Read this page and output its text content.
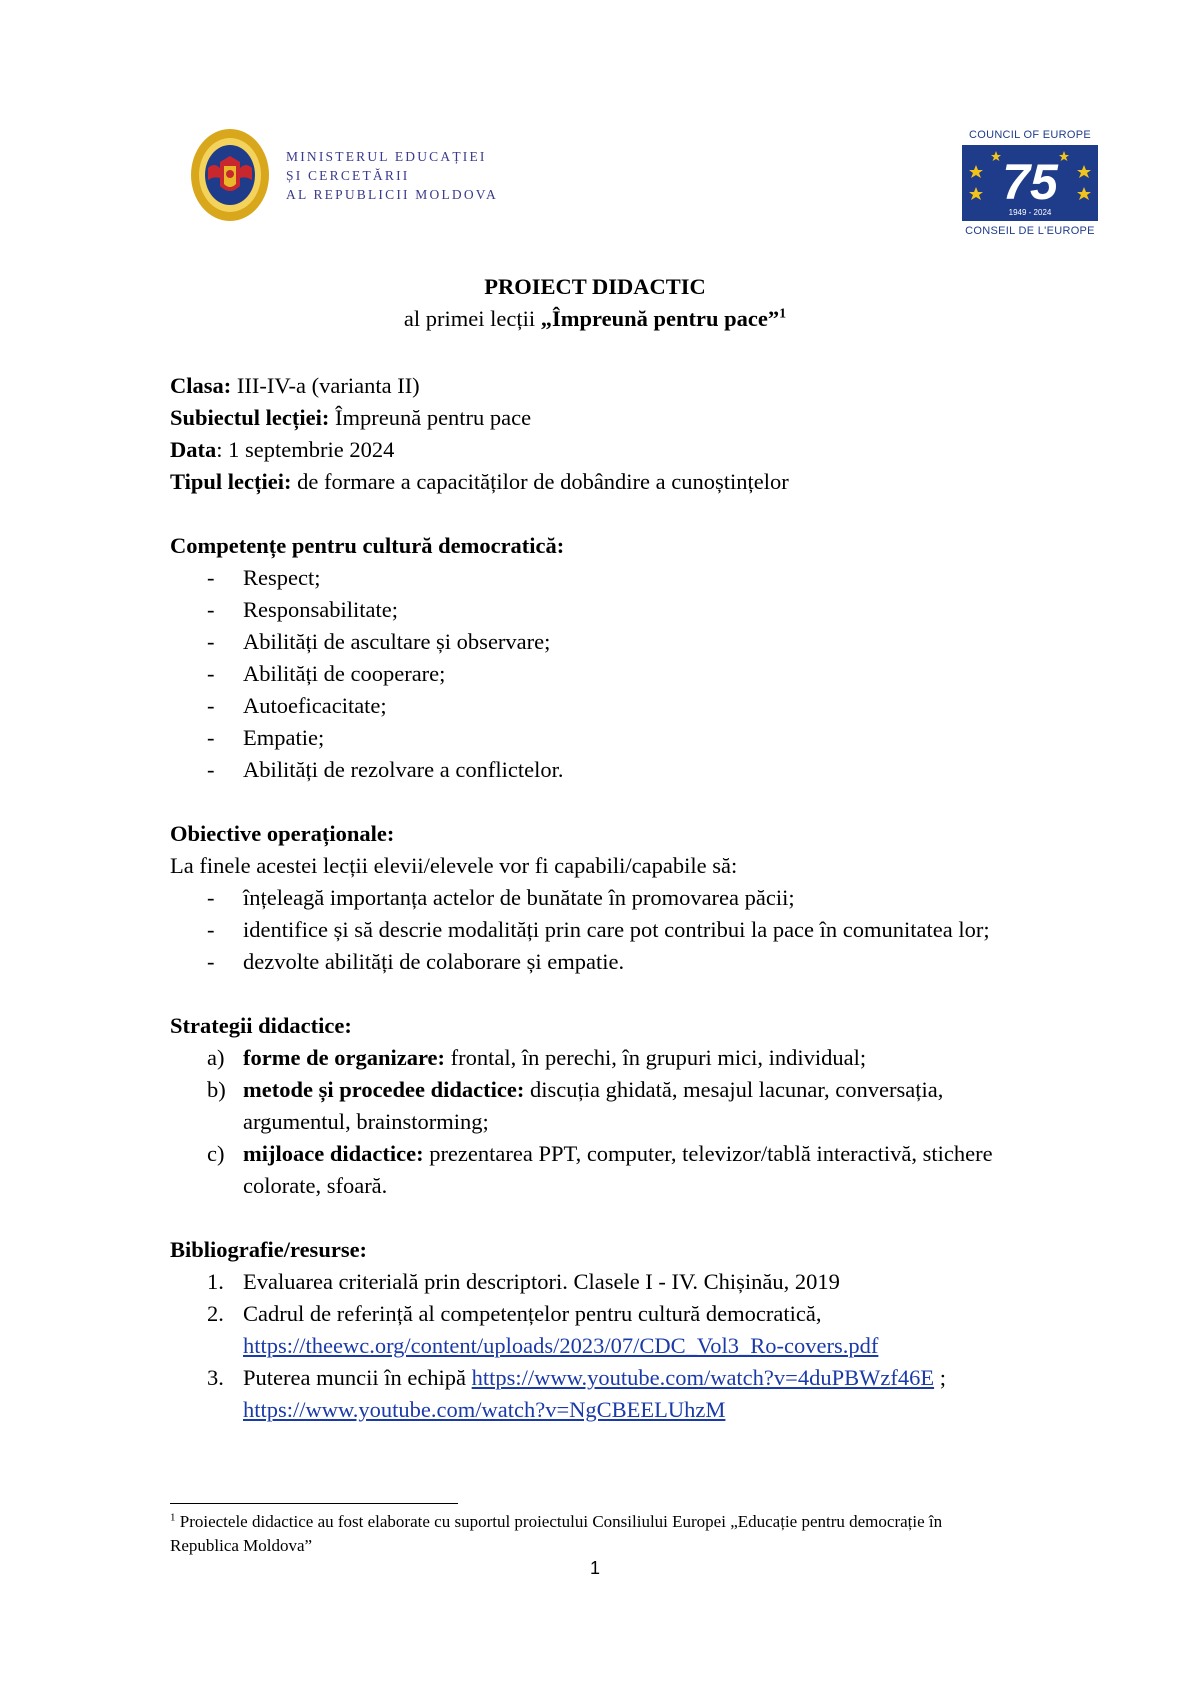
MINISTERUL EDUCAȚIEI
ȘI CERCETĂRII
AL REPUBLICII MOLDOVA
COUNCIL OF EUROPE
75
1949 - 2024
CONSEIL DE L'EUROPE
PROIECT DIDACTIC
al primei lecții „Împreună pentru pace”$^1$
Clasa: III-IV-a (varianta II)
Subiectul lecției: Împreună pentru pace
Data: 1 septembrie 2024
Tipul lecției: de formare a capacităților de dobândire a cunoștințelor
Competențe pentru cultură democratică:
- Respect;
- Responsabilitate;
- Abilități de ascultare și observare;
- Abilități de cooperare;
- Autoeficacitate;
- Empatie;
- Abilități de rezolvare a conflictelor.
Obiective operaționale:
La finele acestei lecții elevii/elevele vor fi capabili/capabile să:
- înțeleagă importanța actelor de bunătate în promovarea păcii;
- identifice și să descrie modalități prin care pot contribui la pace în comunitatea lor;
- dezvolte abilități de colaborare și empatie.
Strategii didactice:
a) forme de organizare: frontal, în perechi, în grupuri mici, individual;
b) metode și procedee didactice: discuția ghidată, mesajul lacunar, conversația,
argumentul, brainstorming;
c) mijloace didactice: prezentarea PPT, computer, televizor/tablă interactivă, stichere
colorate, sfoară.
Bibliografie/resurse:
1. Evaluarea criterială prin descriptori. Clasele I - IV. Chișinău, 2019
2. Cadrul de referință al competențelor pentru cultură democratică,
https://theewc.org/content/uploads/2023/07/CDC_Vol3_Ro-covers.pdf
3. Puterea muncii în echipă https://www.youtube.com/watch?v=4duPBWzf46E ;
https://www.youtube.com/watch?v=NgCBEELUhzM
$^1$ Proiectele didactice au fost elaborate cu suportul proiectului Consiliului Europei „Educație pentru democrație în
Republica Moldova”
1
